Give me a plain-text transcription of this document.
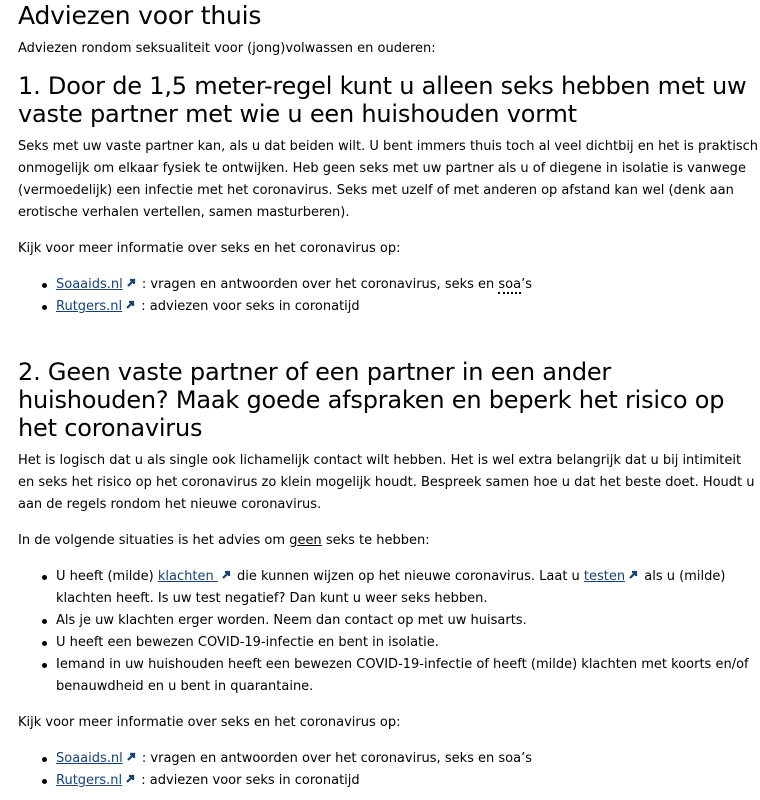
Adviezen voor thuis

Adviezen rondom seksualiteit voor (jong)volwassen en ouderen:

1. Door de 1,5 meter-regel kunt u alleen seks hebben met uw vaste partner met wie u een huishouden vormt

Seks met uw vaste partner kan, als u dat beiden wilt. U bent immers thuis toch al veel dichtbij en het is praktisch onmogelijk om elkaar fysiek te ontwijken. Heb geen seks met uw partner als u of diegene in isolatie is vanwege (vermoedelijk) een infectie met het coronavirus. Seks met uzelf of met anderen op afstand kan wel (denk aan erotische verhalen vertellen, samen masturberen).

Kijk voor meer informatie over seks en het coronavirus op:

Soaaids.nl : vragen en antwoorden over het coronavirus, seks en soa’s
Rutgers.nl : adviezen voor seks in coronatijd
2. Geen vaste partner of een partner in een ander huishouden? Maak goede afspraken en beperk het risico op het coronavirus

Het is logisch dat u als single ook lichamelijk contact wilt hebben. Het is wel extra belangrijk dat u bij intimiteit en seks het risico op het coronavirus zo klein mogelijk houdt. Bespreek samen hoe u dat het beste doet. Houdt u aan de regels rondom het nieuwe coronavirus.

In de volgende situaties is het advies om geen seks te hebben:

U heeft (milde) klachten  die kunnen wijzen op het nieuwe coronavirus. Laat u testen als u (milde) klachten heeft. Is uw test negatief? Dan kunt u weer seks hebben.
Als je uw klachten erger worden. Neem dan contact op met uw huisarts.
U heeft een bewezen COVID-19-infectie en bent in isolatie.
Iemand in uw huishouden heeft een bewezen COVID-19-infectie of heeft (milde) klachten met koorts en/of benauwdheid en u bent in quarantaine.

Kijk voor meer informatie over seks en het coronavirus op:

Soaaids.nl : vragen en antwoorden over het coronavirus, seks en soa’s
Rutgers.nl : adviezen voor seks in coronatijd
